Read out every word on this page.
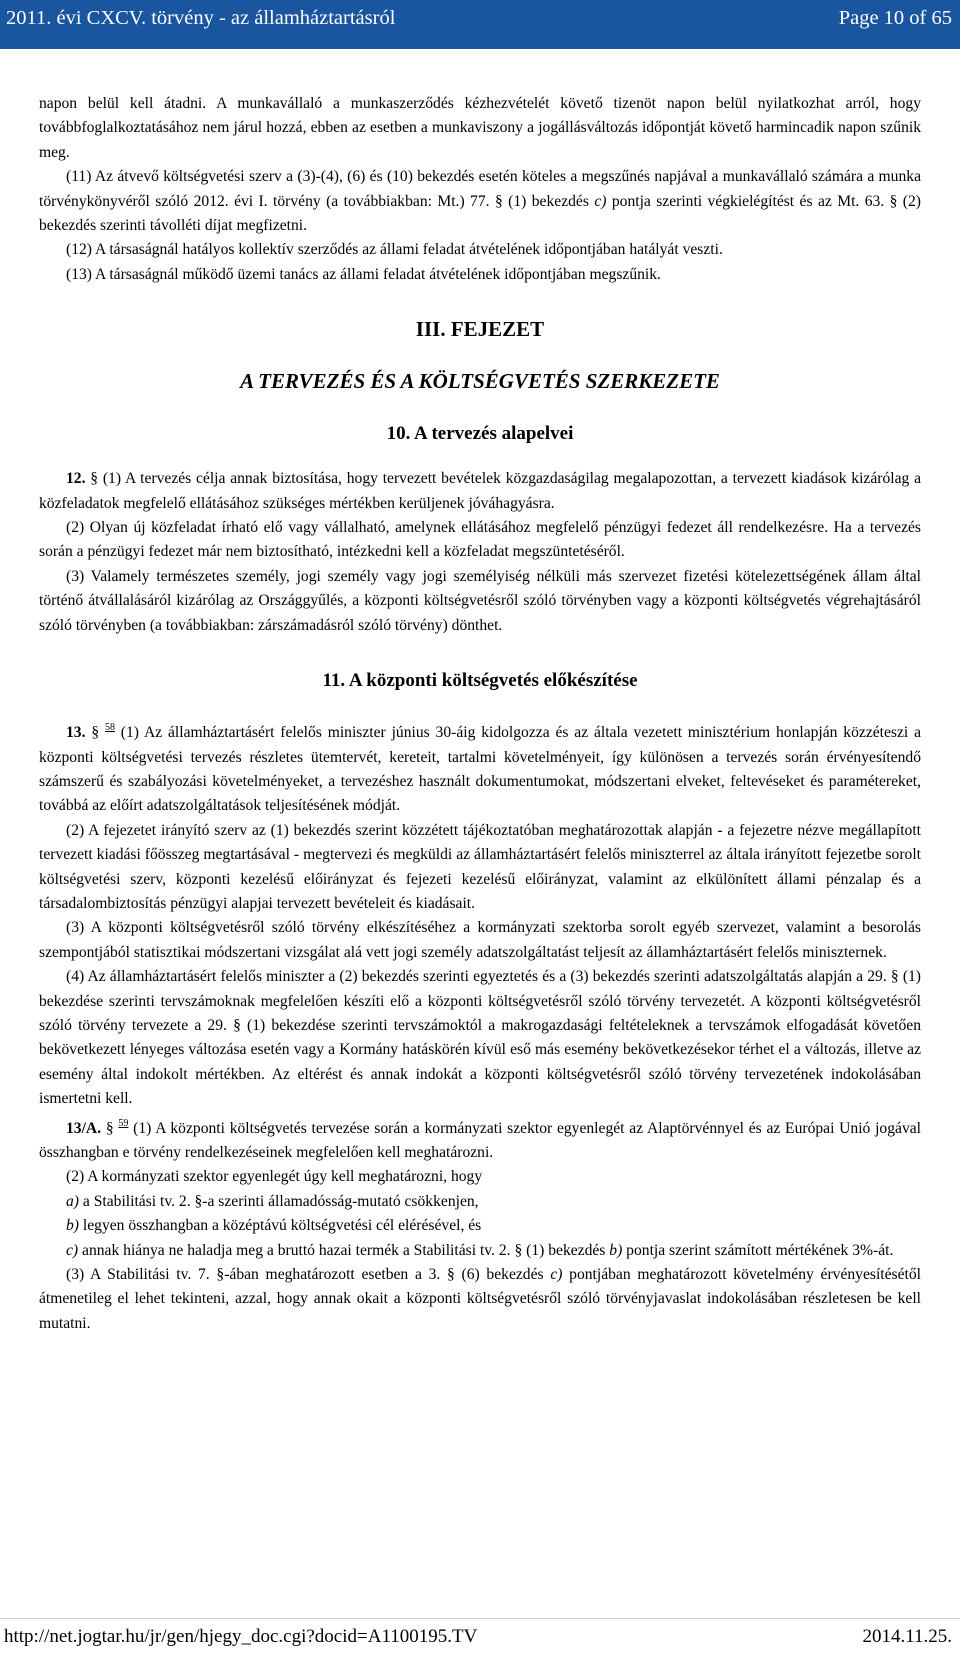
2011. évi CXCV. törvény - az államháztartásról	Page 10 of 65

napon belül kell átadni. A munkavállaló a munkaszerződés kézhezvételét követő tizenöt napon belül nyilatkozhat arról, hogy továbbfoglalkoztatásához nem járul hozzá, ebben az esetben a munkaviszony a jogállásváltozás időpontját követő harmincadik napon szűnik meg.

(11) Az átvevő költségvetési szerv a (3)-(4), (6) és (10) bekezdés esetén köteles a megszűnés napjával a munkavállaló számára a munka törvénykönyvéről szóló 2012. évi I. törvény (a továbbiakban: Mt.) 77. § (1) bekezdés c) pontja szerinti végkielégítést és az Mt. 63. § (2) bekezdés szerinti távolléti díjat megfizetni.

(12) A társaságnál hatályos kollektív szerződés az állami feladat átvételének időpontjában hatályát veszti.

(13) A társaságnál működő üzemi tanács az állami feladat átvételének időpontjában megszűnik.

III. FEJEZET
A TERVEZÉS ÉS A KÖLTSÉGVETÉS SZERKEZETE
10. A tervezés alapelvei

12. § (1) A tervezés célja annak biztosítása, hogy tervezett bevételek közgazdaságilag megalapozottan, a tervezett kiadások kizárólag a közfeladatok megfelelő ellátásához szükséges mértékben kerüljenek jóváhagyásra.

(2) Olyan új közfeladat írható elő vagy vállalható, amelynek ellátásához megfelelő pénzügyi fedezet áll rendelkezésre. Ha a tervezés során a pénzügyi fedezet már nem biztosítható, intézkedni kell a közfeladat megszüntetéséről.

(3) Valamely természetes személy, jogi személy vagy jogi személyiség nélküli más szervezet fizetési kötelezettségének állam által történő átvállalásáról kizárólag az Országgyűlés, a központi költségvetésről szóló törvényben vagy a központi költségvetés végrehajtásáról szóló törvényben (a továbbiakban: zárszámadásról szóló törvény) dönthet.

11. A központi költségvetés előkészítése

13. § $^{58}$ (1) Az államháztartásért felelős miniszter június 30-áig kidolgozza és az általa vezetett minisztérium honlapján közzéteszi a központi költségvetési tervezés részletes ütemtervét, kereteit, tartalmi követelményeit, így különösen a tervezés során érvényesítendő számszerű és szabályozási követelményeket, a tervezéshez használt dokumentumokat, módszertani elveket, feltevéseket és paramétereket, továbbá az előírt adatszolgáltatások teljesítésének módját.

(2) A fejezetet irányító szerv az (1) bekezdés szerint közzétett tájékoztatóban meghatározottak alapján - a fejezetre nézve megállapított tervezett kiadási főösszeg megtartásával - megtervezi és megküldi az államháztartásért felelős miniszterrel az általa irányított fejezetbe sorolt költségvetési szerv, központi kezelésű előirányzat és fejezeti kezelésű előirányzat, valamint az elkülönített állami pénzalap és a társadalombiztosítás pénzügyi alapjai tervezett bevételeit és kiadásait.

(3) A központi költségvetésről szóló törvény elkészítéséhez a kormányzati szektorba sorolt egyéb szervezet, valamint a besorolás szempontjából statisztikai módszertani vizsgálat alá vett jogi személy adatszolgáltatást teljesít az államháztartásért felelős miniszternek.

(4) Az államháztartásért felelős miniszter a (2) bekezdés szerinti egyeztetés és a (3) bekezdés szerinti adatszolgáltatás alapján a 29. § (1) bekezdése szerinti tervszámoknak megfelelően készíti elő a központi költségvetésről szóló törvény tervezetét. A központi költségvetésről szóló törvény tervezete a 29. § (1) bekezdése szerinti tervszámoktól a makrogazdasági feltételeknek a tervszámok elfogadását követően bekövetkezett lényeges változása esetén vagy a Kormány hatáskörén kívül eső más esemény bekövetkezésekor térhet el a változás, illetve az esemény által indokolt mértékben. Az eltérést és annak indokát a központi költségvetésről szóló törvény tervezetének indokolásában ismertetni kell.

13/A. § $^{59}$ (1) A központi költségvetés tervezése során a kormányzati szektor egyenlegét az Alaptörvénnyel és az Európai Unió jogával összhangban e törvény rendelkezéseinek megfelelően kell meghatározni.

(2) A kormányzati szektor egyenlegét úgy kell meghatározni, hogy

a) a Stabilitási tv. 2. §-a szerinti államadósság-mutató csökkenjen,

b) legyen összhangban a középtávú költségvetési cél elérésével, és

c) annak hiánya ne haladja meg a bruttó hazai termék a Stabilitási tv. 2. § (1) bekezdés b) pontja szerint számított mértékének 3%-át.

(3) A Stabilitási tv. 7. §-ában meghatározott esetben a 3. § (6) bekezdés c) pontjában meghatározott követelmény érvényesítésétől átmenetileg el lehet tekinteni, azzal, hogy annak okait a központi költségvetésről szóló törvényjavaslat indokolásában részletesen be kell mutatni.

http://net.jogtar.hu/jr/gen/hjegy_doc.cgi?docid=A1100195.TV	2014.11.25.
